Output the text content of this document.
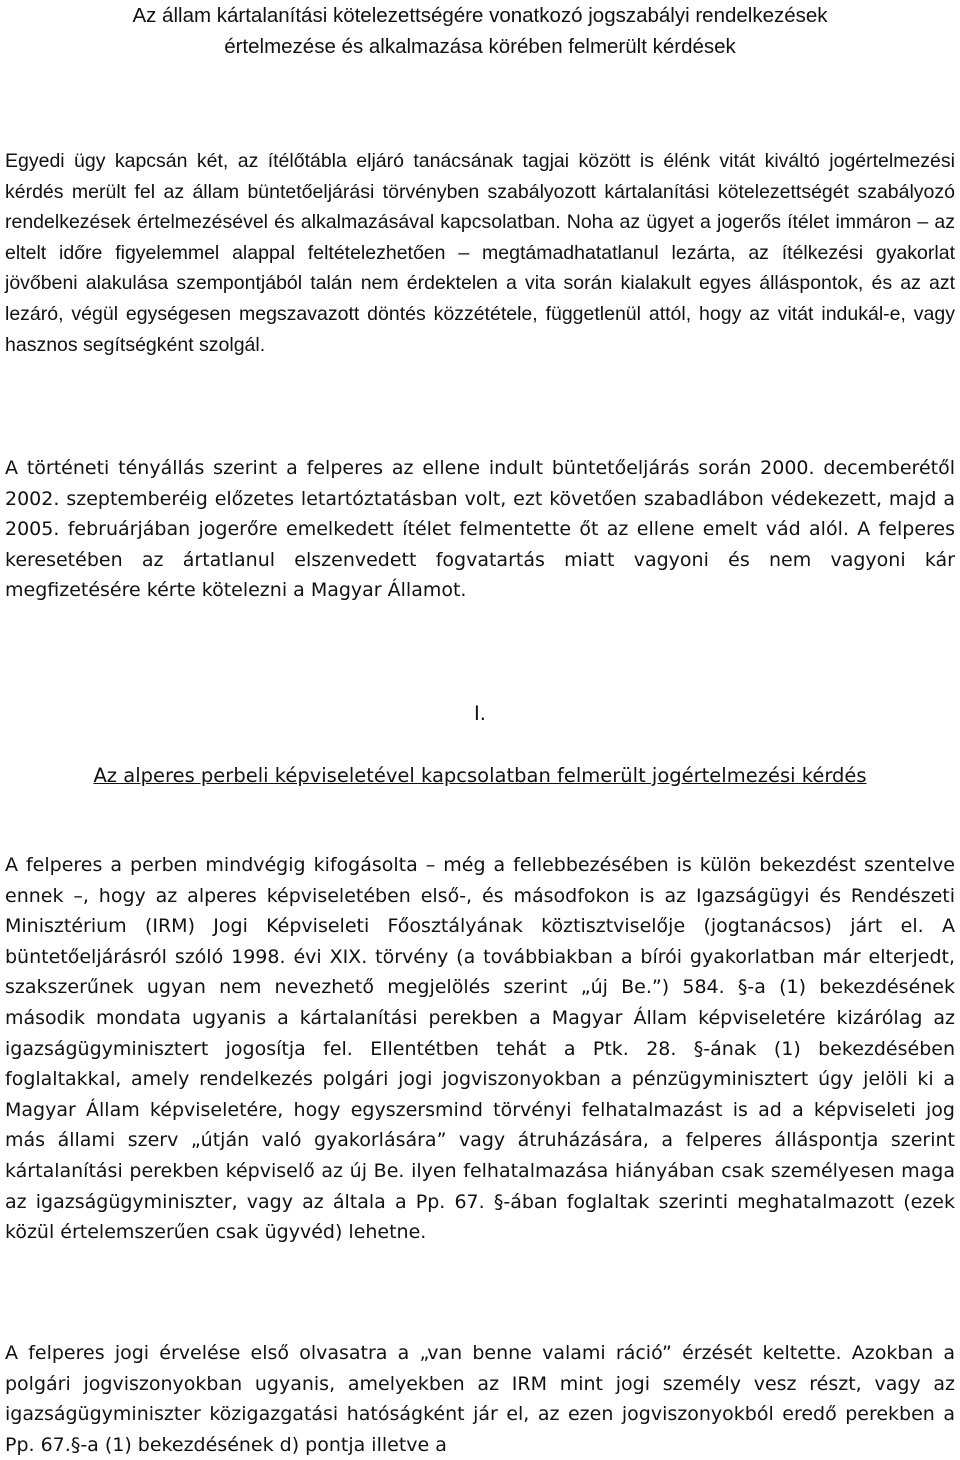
Az állam kártalanítási kötelezettségére vonatkozó jogszabályi rendelkezések
értelmezése és alkalmazása körében felmerült kérdések

Egyedi ügy kapcsán két, az ítélőtábla eljáró tanácsának tagjai között is élénk vitát kiváltó jogértelmezési kérdés merült fel az állam büntetőeljárási törvényben szabályozott kártalanítási kötelezettségét szabályozó rendelkezések értelmezésével és alkalmazásával kapcsolatban. Noha az ügyet a jogerős ítélet immáron – az eltelt időre figyelemmel alappal feltételezhetően – megtámadhatatlanul lezárta, az ítélkezési gyakorlat jövőbeni alakulása szempontjából talán nem érdektelen a vita során kialakult egyes álláspontok, és az azt lezáró, végül egységesen megszavazott döntés közzététele, függetlenül attól, hogy az vitát indukál-e, vagy hasznos segítségként szolgál.

A történeti tényállás szerint a felperes az ellene indult büntetőeljárás során 2000. decemberétől 2002. szeptemberéig előzetes letartóztatásban volt, ezt követően szabadlábon védekezett, majd a 2005. februárjában jogerőre emelkedett ítélet felmentette őt az ellene emelt vád alól. A felperes keresetében az ártatlanul elszenvedett fogvatartás miatt vagyoni és nem vagyoni kár megfizetésére kérte kötelezni a Magyar Államot.

I.

Az alperes perbeli képviseletével kapcsolatban felmerült jogértelmezési kérdés

A felperes a perben mindvégig kifogásolta – még a fellebbezésében is külön bekezdést szentelve ennek –, hogy az alperes képviseletében első-, és másodfokon is az Igazságügyi és Rendészeti Minisztérium (IRM) Jogi Képviseleti Főosztályának köztisztviselője (jogtanácsos) járt el. A büntetőeljárásról szóló 1998. évi XIX. törvény (a továbbiakban a bírói gyakorlatban már elterjedt, szakszerűnek ugyan nem nevezhető megjelölés szerint „új Be.”) 584. §-a (1) bekezdésének második mondata ugyanis a kártalanítási perekben a Magyar Állam képviseletére kizárólag az igazságügyminisztert jogosítja fel. Ellentétben tehát a Ptk. 28. §-ának (1) bekezdésében foglaltakkal, amely rendelkezés polgári jogi jogviszonyokban a pénzügyminisztert úgy jelöli ki a Magyar Állam képviseletére, hogy egyszersmind törvényi felhatalmazást is ad a képviseleti jog más állami szerv „útján való gyakorlására” vagy átruházására, a felperes álláspontja szerint kártalanítási perekben képviselő az új Be. ilyen felhatalmazása hiányában csak személyesen maga az igazságügyminiszter, vagy az általa a Pp. 67. §-ában foglaltak szerinti meghatalmazott (ezek közül értelemszerűen csak ügyvéd) lehetne.

A felperes jogi érvelése első olvasatra a „van benne valami ráció” érzését keltette. Azokban a polgári jogviszonyokban ugyanis, amelyekben az IRM mint jogi személy vesz részt, vagy az igazságügyminiszter közigazgatási hatóságként jár el, az ezen jogviszonyokból eredő perekben a Pp. 67.§-a (1) bekezdésének d) pontja illetve a
